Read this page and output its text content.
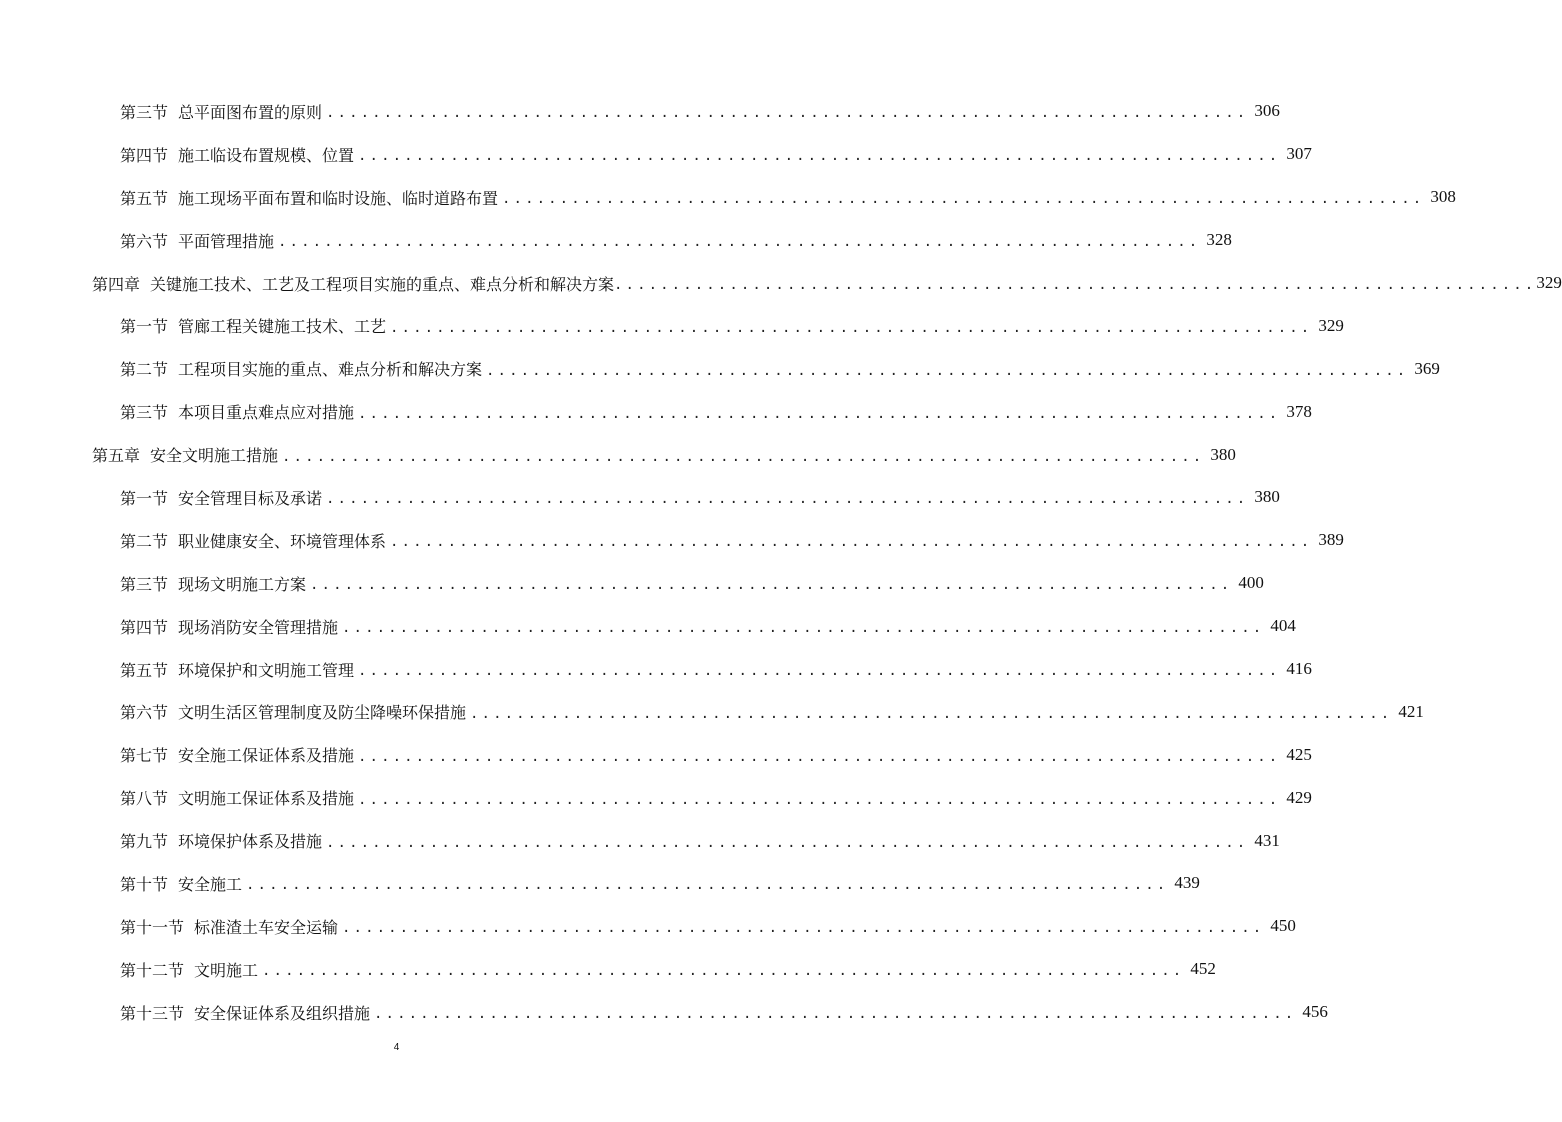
第三节 总平面图布置的原则 ................................................................................ 306
第四节 施工临设布置规模、位置 ................................................................................ 307
第五节 施工现场平面布置和临时设施、临时道路布置 ................................................................................ 308
第六节 平面管理措施 ................................................................................ 328
第四章 关键施工技术、工艺及工程项目实施的重点、难点分析和解决方案 ................................................................................ 329
第一节 管廊工程关键施工技术、工艺 ................................................................................ 329
第二节 工程项目实施的重点、难点分析和解决方案 ................................................................................ 369
第三节 本项目重点难点应对措施 ................................................................................ 378
第五章 安全文明施工措施 ................................................................................ 380
第一节 安全管理目标及承诺 ................................................................................ 380
第二节 职业健康安全、环境管理体系 ................................................................................ 389
第三节 现场文明施工方案 ................................................................................ 400
第四节 现场消防安全管理措施 ................................................................................ 404
第五节 环境保护和文明施工管理 ................................................................................ 416
第六节 文明生活区管理制度及防尘降噪环保措施 ................................................................................ 421
第七节 安全施工保证体系及措施 ................................................................................ 425
第八节 文明施工保证体系及措施 ................................................................................ 429
第九节 环境保护体系及措施 ................................................................................ 431
第十节 安全施工 ................................................................................ 439
第十一节 标准渣土车安全运输 ................................................................................ 450
第十二节 文明施工 ................................................................................ 452
第十三节 安全保证体系及组织措施 ................................................................................ 456
4
